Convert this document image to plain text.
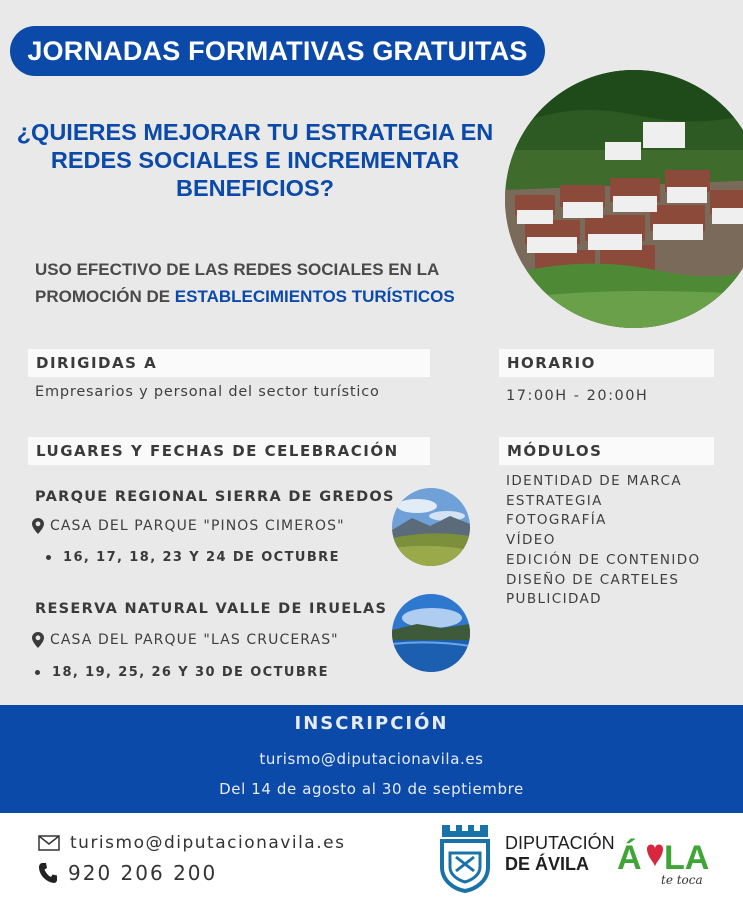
JORNADAS FORMATIVAS GRATUITAS
¿QUIERES MEJORAR TU ESTRATEGIA EN
REDES SOCIALES E INCREMENTAR
BENEFICIOS?
USO EFECTIVO DE LAS REDES SOCIALES EN LA
PROMOCIÓN DE ESTABLECIMIENTOS TURÍSTICOS
DIRIGIDAS A
Empresarios y personal del sector turístico
HORARIO
17:00H - 20:00H
LUGARES Y FECHAS DE CELEBRACIÓN
PARQUE REGIONAL SIERRA DE GREDOS
CASA DEL PARQUE "PINOS CIMEROS"
16, 17, 18, 23 Y 24 DE OCTUBRE
RESERVA NATURAL VALLE DE IRUELAS
CASA DEL PARQUE "LAS CRUCERAS"
18, 19, 25, 26 Y 30 DE OCTUBRE
MÓDULOS
IDENTIDAD DE MARCA
ESTRATEGIA
FOTOGRAFÍA
VÍDEO
EDICIÓN DE CONTENIDO
DISEÑO DE CARTELES
PUBLICIDAD
INSCRIPCIÓN
turismo@diputacionavila.es
Del 14 de agosto al 30 de septiembre
turismo@diputacionavila.es
920 206 200
DIPUTACIÓN
DE ÁVILA Á LA
te toca
